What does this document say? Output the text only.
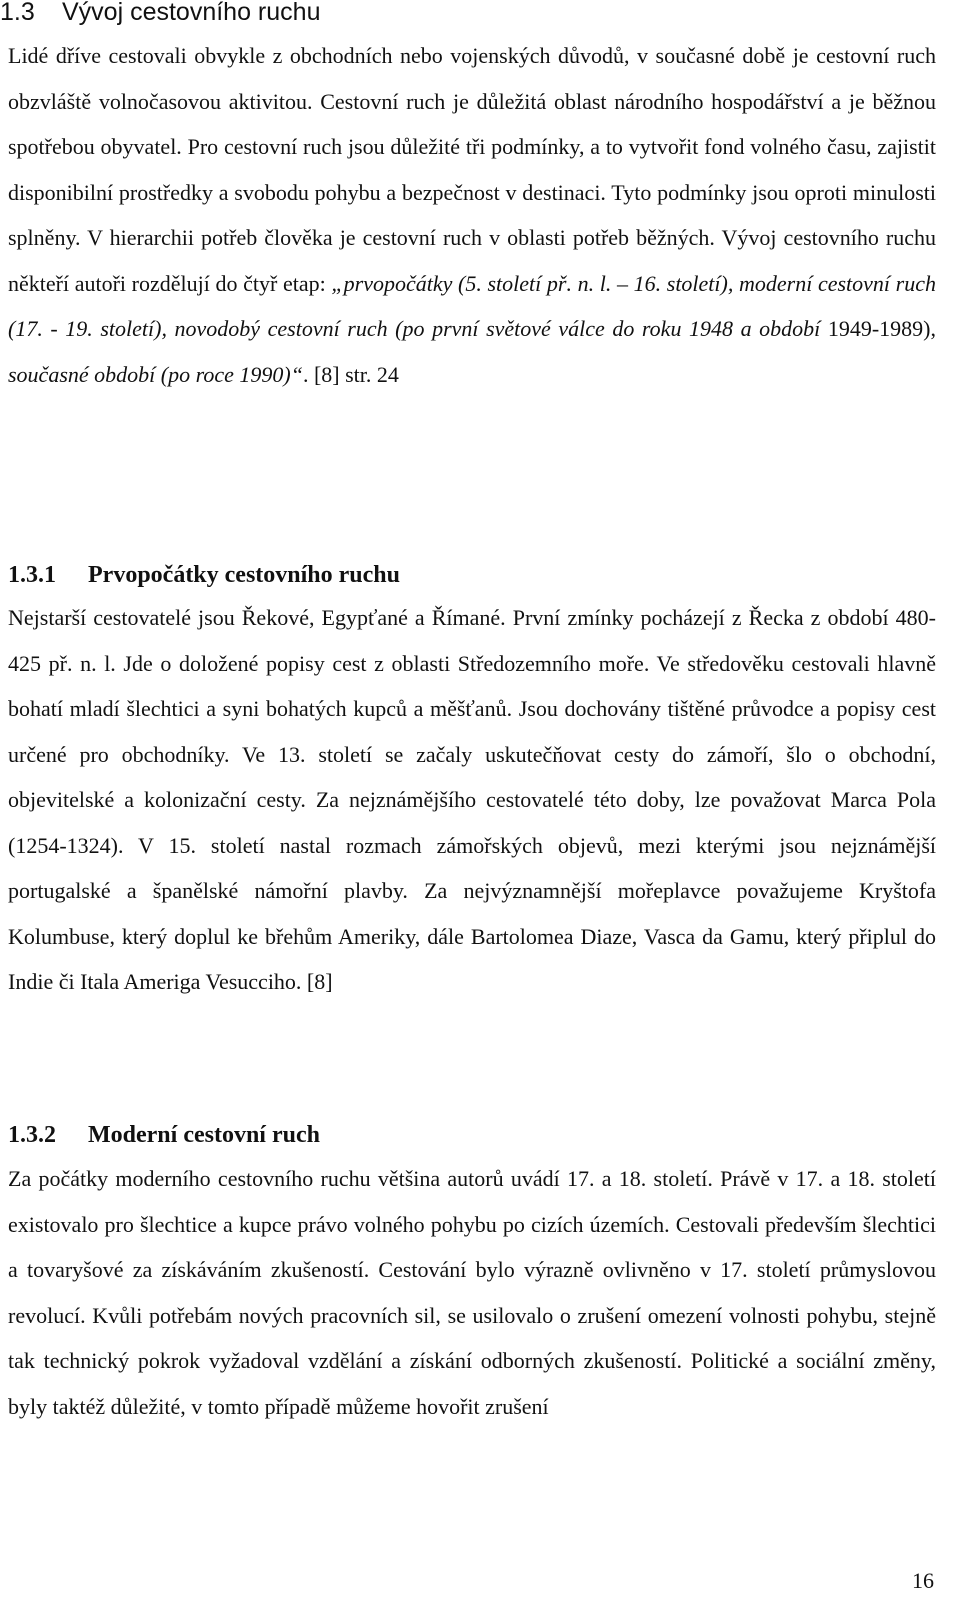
1.3 Vývoj cestovního ruchu

Lidé dříve cestovali obvykle z obchodních nebo vojenských důvodů, v současné době je cestovní ruch obzvláště volnočasovou aktivitou. Cestovní ruch je důležitá oblast národního hospodářství a je běžnou spotřebou obyvatel. Pro cestovní ruch jsou důležité tři podmínky, a to vytvořit fond volného času, zajistit disponibilní prostředky a svobodu pohybu a bezpečnost v destinaci. Tyto podmínky jsou oproti minulosti splněny. V hierarchii potřeb člověka je cestovní ruch v oblasti potřeb běžných. Vývoj cestovního ruchu někteří autoři rozdělují do čtyř etap: „prvopočátky (5. století př. n. l. – 16. století), moderní cestovní ruch (17. - 19. století), novodobý cestovní ruch (po první světové válce do roku 1948 a období 1949-1989), současné období (po roce 1990)“. [8] str. 24

1.3.1 Prvopočátky cestovního ruchu

Nejstarší cestovatelé jsou Řekové, Egypťané a Římané. První zmínky pocházejí z Řecka z období 480-425 př. n. l. Jde o doložené popisy cest z oblasti Středozemního moře. Ve středověku cestovali hlavně bohatí mladí šlechtici a syni bohatých kupců a měšťanů. Jsou dochovány tištěné průvodce a popisy cest určené pro obchodníky. Ve 13. století se začaly uskutečňovat cesty do zámoří, šlo o obchodní, objevitelské a kolonizační cesty. Za nejznámějšího cestovatelé této doby, lze považovat Marca Pola (1254-1324). V 15. století nastal rozmach zámořských objevů, mezi kterými jsou nejznámější portugalské a španělské námořní plavby. Za nejvýznamnější mořeplavce považujeme Kryštofa Kolumbuse, který doplul ke břehům Ameriky, dále Bartolomea Diaze, Vasca da Gamu, který připlul do Indie či Itala Ameriga Vesucciho. [8]

1.3.2 Moderní cestovní ruch

Za počátky moderního cestovního ruchu většina autorů uvádí 17. a 18. století. Právě v 17. a 18. století existovalo pro šlechtice a kupce právo volného pohybu po cizích územích. Cestovali především šlechtici a tovaryšové za získáváním zkušeností. Cestování bylo výrazně ovlivněno v 17. století průmyslovou revolucí. Kvůli potřebám nových pracovních sil, se usilovalo o zrušení omezení volnosti pohybu, stejně tak technický pokrok vyžadoval vzdělání a získání odborných zkušeností. Politické a sociální změny, byly taktéž důležité, v tomto případě můžeme hovořit zrušení

16
